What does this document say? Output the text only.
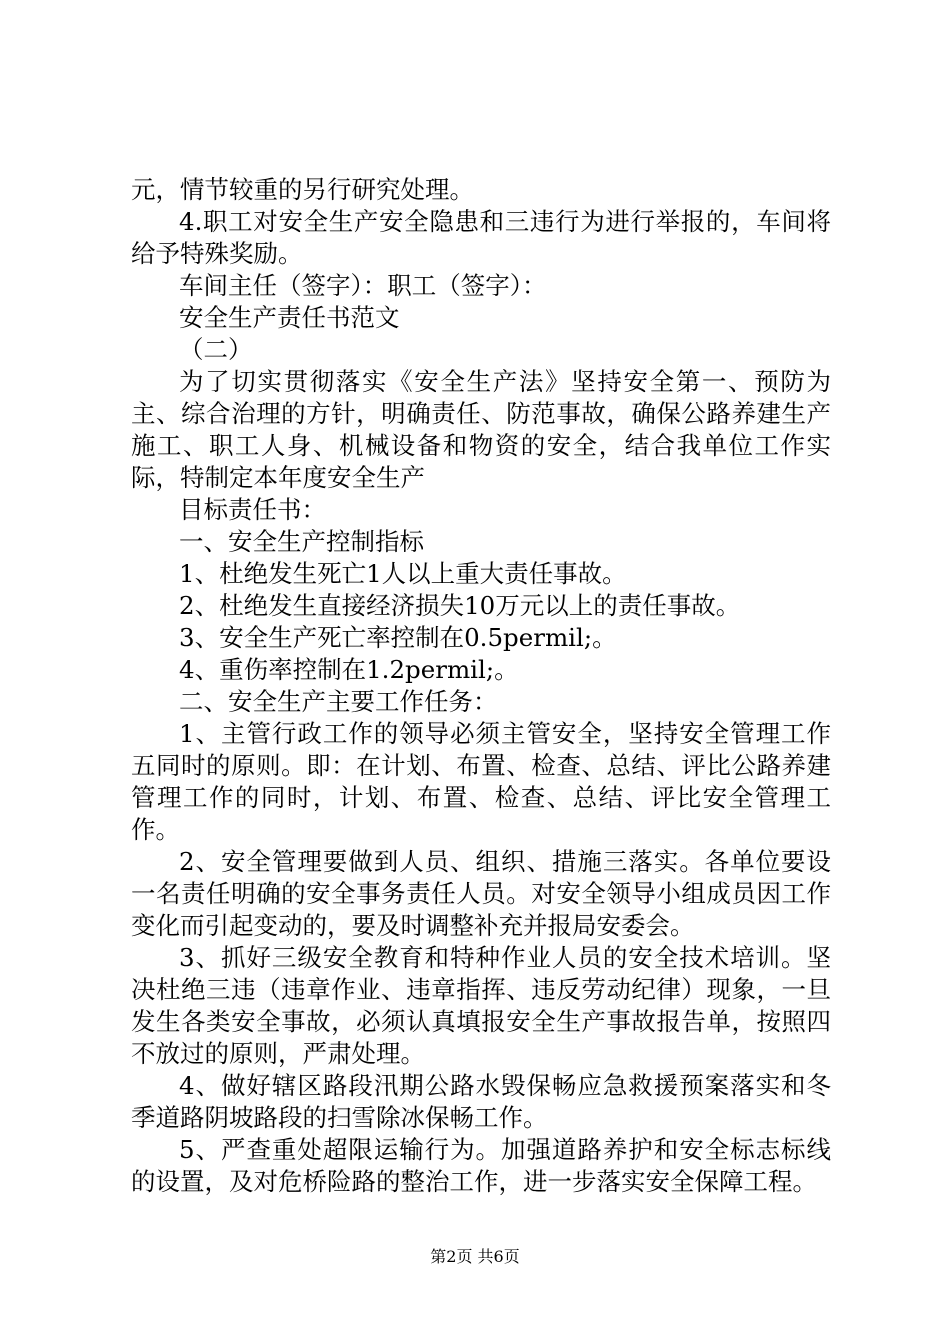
元，情节较重的另行研究处理。

4.职工对安全生产安全隐患和三违行为进行举报的，车间将给予特殊奖励。

车间主任（签字）：职工（签字）：

安全生产责任书范文

（二）

为了切实贯彻落实《安全生产法》坚持安全第一、预防为主、综合治理的方针，明确责任、防范事故，确保公路养建生产施工、职工人身、机械设备和物资的安全，结合我单位工作实际，特制定本年度安全生产

目标责任书：

一、安全生产控制指标

1、杜绝发生死亡1人以上重大责任事故。

2、杜绝发生直接经济损失10万元以上的责任事故。

3、安全生产死亡率控制在0.5permil;。

4、重伤率控制在1.2permil;。

二、安全生产主要工作任务：

1、主管行政工作的领导必须主管安全，坚持安全管理工作五同时的原则。即：在计划、布置、检查、总结、评比公路养建管理工作的同时，计划、布置、检查、总结、评比安全管理工作。

2、安全管理要做到人员、组织、措施三落实。各单位要设一名责任明确的安全事务责任人员。对安全领导小组成员因工作变化而引起变动的，要及时调整补充并报局安委会。

3、抓好三级安全教育和特种作业人员的安全技术培训。坚决杜绝三违（违章作业、违章指挥、违反劳动纪律）现象，一旦发生各类安全事故，必须认真填报安全生产事故报告单，按照四不放过的原则，严肃处理。

4、做好辖区路段汛期公路水毁保畅应急救援预案落实和冬季道路阴坡路段的扫雪除冰保畅工作。

5、严查重处超限运输行为。加强道路养护和安全标志标线的设置，及对危桥险路的整治工作，进一步落实安全保障工程。

第2页 共6页
